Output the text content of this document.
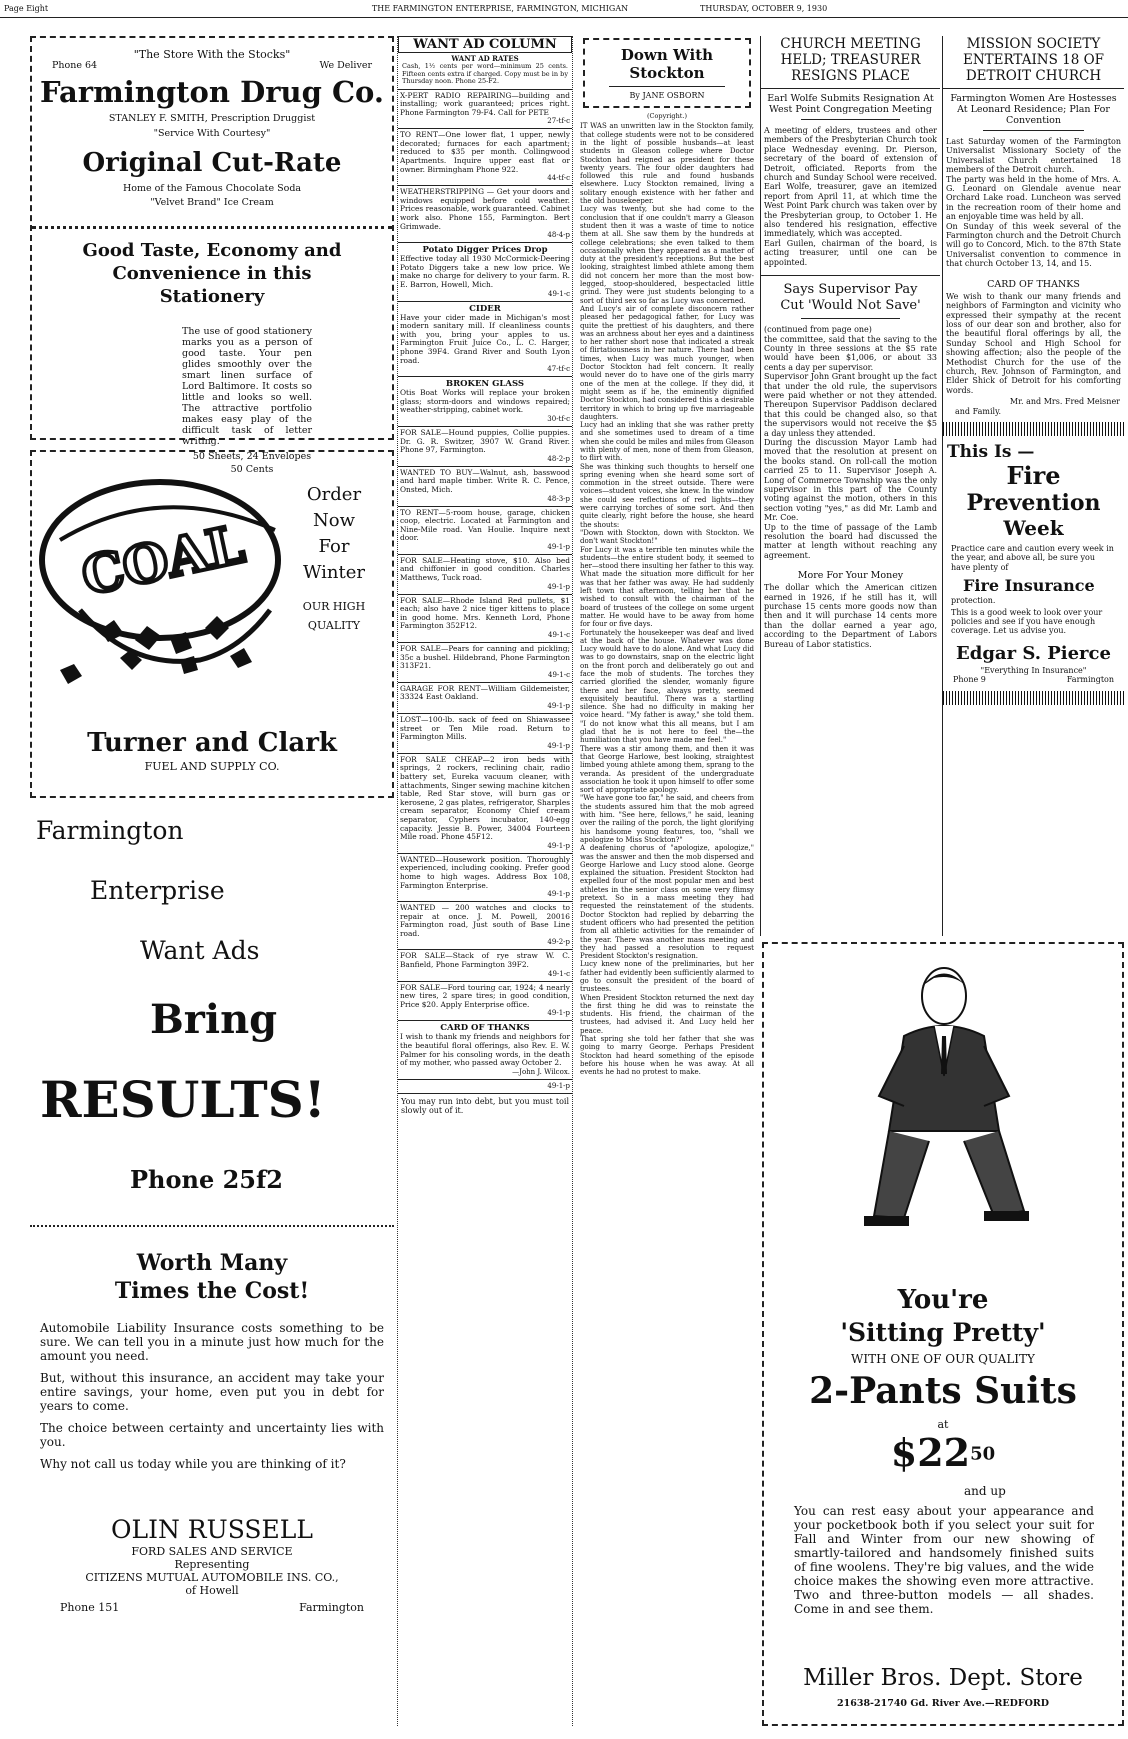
Page Eight	THE FARMINGTON ENTERPRISE, FARMINGTON, MICHIGAN	THURSDAY, OCTOBER 9, 1930
"The Store With the Stocks"
Phone 64	We Deliver
Farmington Drug Co.
STANLEY F. SMITH, Prescription Druggist
"Service With Courtesy"
Original Cut-Rate
Home of the Famous Chocolate Soda
"Velvet Brand" Ice Cream
Good Taste, Economy and Convenience in this Stationery
The use of good stationery marks you as a person of good taste. Your pen glides smoothly over the smart linen surface of Lord Baltimore. It costs so little and looks so well. The attractive portfolio makes easy play of the difficult task of letter writing.
50 Sheets, 24 Envelopes
50 Cents
COAL
Order
Now
For
Winter
OUR HIGH
QUALITY
Turner and Clark
FUEL AND SUPPLY CO.
Farmington
Enterprise
Want Ads
Bring
RESULTS!
Phone 25f2
Worth Many
Times the Cost!
Automobile Liability Insurance costs something to be sure. We can tell you in a minute just how much for the amount you need.
But, without this insurance, an accident may take your entire savings, your home, even put you in debt for years to come.
The choice between certainty and uncertainty lies with you.
Why not call us today while you are thinking of it?
OLIN RUSSELL
FORD SALES AND SERVICE
Representing
CITIZENS MUTUAL AUTOMOBILE INS. CO.,
of Howell
Phone 151	Farmington
WANT AD COLUMN
WANT AD RATES
Cash, 1½ cents per word—minimum 25 cents. Fifteen cents extra if charged. Copy must be in by Thursday noon. Phone 25-F2.
X-PERT RADIO REPAIRING—building and installing; work guaranteed; prices right. Phone Farmington 79-F4. Call for PETE
27-tf-c
TO RENT—One lower flat, 1 upper, newly decorated; furnaces for each apartment; reduced to $35 per month. Collingwood Apartments. Inquire upper east flat or owner. Birmingham Phone 922.
44-tf-c
WEATHERSTRIPPING — Get your doors and windows equipped before cold weather. Prices reasonable, work guaranteed. Cabinet work also. Phone 155, Farmington. Bert Grimwade.
48-4-p
Potato Digger Prices Drop
Effective today all 1930 McCormick-Deering Potato Diggers take a new low price. We make no charge for delivery to your farm. R. E. Barron, Howell, Mich.
49-1-c
CIDER
Have your cider made in Michigan's most modern sanitary mill. If cleanliness counts with you, bring your apples to us. Farmington Fruit Juice Co., L. C. Harger, phone 39F4. Grand River and South Lyon road.
47-tf-c
BROKEN GLASS
Otis Boat Works will replace your broken glass; storm-doors and windows repaired; weather-stripping, cabinet work.
30-tf-c
FOR SALE—Hound puppies, Collie puppies. Dr. G. R. Switzer, 3907 W. Grand River. Phone 97, Farmington.
48-2-p
WANTED TO BUY—Walnut, ash, basswood and hard maple timber. Write R. C. Pence, Onsted, Mich.
48-3-p
TO RENT—5-room house, garage, chicken coop, electric. Located at Farmington and Nine-Mile road. Van Houlie. Inquire next door.
49-1-p
FOR SALE—Heating stove, $10. Also bed and chiffonier in good condition. Charles Matthews, Tuck road.
49-1-p
FOR SALE—Rhode Island Red pullets, $1 each; also have 2 nice tiger kittens to place in good home. Mrs. Kenneth Lord, Phone Farmington 352F12.
49-1-c
FOR SALE—Pears for canning and pickling; 35c a bushel. Hildebrand, Phone Farmington 313F21.
49-1-c
GARAGE FOR RENT—William Gildemeister, 33324 East Oakland.
49-1-p
LOST—100-lb. sack of feed on Shiawassee street or Ten Mile road. Return to Farmington Mills.
49-1-p
FOR SALE CHEAP—2 iron beds with springs, 2 rockers, reclining chair, radio battery set, Eureka vacuum cleaner, with attachments, Singer sewing machine kitchen table, Red Star stove, will burn gas or kerosene, 2 gas plates, refrigerator, Sharples cream separator, Economy Chief cream separator, Cyphers incubator, 140-egg capacity. Jessie B. Power, 34004 Fourteen Mile road. Phone 45F12.
49-1-p
WANTED—Housework position. Thoroughly experienced, including cooking. Prefer good home to high wages. Address Box 108, Farmington Enterprise.
49-1-p
WANTED — 200 watches and clocks to repair at once. J. M. Powell, 20016 Farmington road, Just south of Base Line road.
49-2-p
FOR SALE—Stack of rye straw W. C. Banfield, Phone Farmington 39F2.
49-1-c
FOR SALE—Ford touring car, 1924; 4 nearly new tires, 2 spare tires; in good condition, Price $20. Apply Enterprise office.
49-1-p
CARD OF THANKS
I wish to thank my friends and neighbors for the beautiful floral offerings, also Rev. E. W. Palmer for his consoling words, in the death of my mother, who passed away October 2.
—John J. Wilcox.
49-1-p
You may run into debt, but you must toil slowly out of it.
Down With
Stockton
By JANE OSBORN
(Copyright.)
IT WAS an unwritten law in the Stockton family, that college students were not to be considered in the light of possible husbands—at least students in Gleason college where Doctor Stockton had reigned as president for these twenty years. The four older daughters had followed this rule and found husbands elsewhere. Lucy Stockton remained, living a solitary enough existence with her father and the old housekeeper.
Lucy was twenty, but she had come to the conclusion that if one couldn't marry a Gleason student then it was a waste of time to notice them at all. She saw them by the hundreds at college celebrations; she even talked to them occasionally when they appeared as a matter of duty at the president's receptions. But the best looking, straightest limbed athlete among them did not concern her more than the most bow-legged, stoop-shouldered, bespectacled little grind. They were just students belonging to a sort of third sex so far as Lucy was concerned.
And Lucy's air of complete disconcern rather pleased her pedagogical father, for Lucy was quite the prettiest of his daughters, and there was an archness about her eyes and a daintiness to her rather short nose that indicated a streak of flirtatiousness in her nature. There had been times, when Lucy was much younger, when Doctor Stockton had felt concern. It really would never do to have one of the girls marry one of the men at the college. If they did, it might seem as if he, the eminently dignified Doctor Stockton, had considered this a desirable territory in which to bring up five marriageable daughters.
Lucy had an inkling that she was rather pretty and she sometimes used to dream of a time when she could be miles and miles from Gleason with plenty of men, none of them from Gleason, to flirt with.
She was thinking such thoughts to herself one spring evening when she heard some sort of commotion in the street outside. There were voices—student voices, she knew. In the window she could see reflections of red lights—they were carrying torches of some sort. And then quite clearly, right before the house, she heard the shouts:
"Down with Stockton, down with Stockton. We don't want Stockton!"
For Lucy it was a terrible ten minutes while the students—the entire student body, it seemed to her—stood there insulting her father to this way. What made the situation more difficult for her was that her father was away. He had suddenly left town that afternoon, telling her that he wished to consult with the chairman of the board of trustees of the college on some urgent matter. He would have to be away from home for four or five days.
Fortunately the housekeeper was deaf and lived at the back of the house. Whatever was done Lucy would have to do alone. And what Lucy did was to go downstairs, snap on the electric light on the front porch and deliberately go out and face the mob of students. The torches they carried glorified the slender, womanly figure there and her face, always pretty, seemed exquisitely beautiful. There was a startling silence. She had no difficulty in making her voice heard. "My father is away," she told them. "I do not know what this all means, but I am glad that he is not here to feel the—the humiliation that you have made me feel."
There was a stir among them, and then it was that George Harlowe, best looking, straightest limbed young athlete among them, sprang to the veranda. As president of the undergraduate association he took it upon himself to offer some sort of appropriate apology.
"We have gone too far," he said, and cheers from the students assured him that the mob agreed with him. "See here, fellows," he said, leaning over the railing of the porch, the light glorifying his handsome young features, too, "shall we apologize to Miss Stockton?"
A deafening chorus of "apologize, apologize," was the answer and then the mob dispersed and George Harlowe and Lucy stood alone. George explained the situation. President Stockton had expelled four of the most popular men and best athletes in the senior class on some very flimsy pretext. So in a mass meeting they had requested the reinstatement of the students. Doctor Stockton had replied by debarring the student officers who had presented the petition from all athletic activities for the remainder of the year. There was another mass meeting and they had passed a resolution to request President Stockton's resignation.
Lucy knew none of the preliminaries, but her father had evidently been sufficiently alarmed to go to consult the president of the board of trustees.
When President Stockton returned the next day the first thing he did was to reinstate the students. His friend, the chairman of the trustees, had advised it. And Lucy held her peace.
That spring she told her father that she was going to marry George. Perhaps President Stockton had heard something of the episode before his house when he was away. At all events he had no protest to make.
CHURCH MEETING
HELD; TREASURER
RESIGNS PLACE
Earl Wolfe Submits Resignation At West Point Congregation Meeting
A meeting of elders, trustees and other members of the Presbyterian Church took place Wednesday evening. Dr. Pierson, secretary of the board of extension of Detroit, officiated. Reports from the church and Sunday School were received. Earl Wolfe, treasurer, gave an itemized report from April 11, at which time the West Point Park church was taken over by the Presbyterian group, to October 1. He also tendered his resignation, effective immediately, which was accepted.
Earl Guilen, chairman of the board, is acting treasurer, until one can be appointed.
Says Supervisor Pay
Cut 'Would Not Save'
(continued from page one)
the committee, said that the saving to the County in three sessions at the $5 rate would have been $1,006, or about 33 cents a day per supervisor.
Supervisor John Grant brought up the fact that under the old rule, the supervisors were paid whether or not they attended. Thereupon Supervisor Paddison declared that this could be changed also, so that the supervisors would not receive the $5 a day unless they attended.
During the discussion Mayor Lamb had moved that the resolution at present on the books stand. On roll-call the motion carried 25 to 11. Supervisor Joseph A. Long of Commerce Township was the only supervisor in this part of the County voting against the motion, others in this section voting "yes," as did Mr. Lamb and Mr. Coe.
Up to the time of passage of the Lamb resolution the board had discussed the matter at length without reaching any agreement.
More For Your Money
The dollar which the American citizen earned in 1926, if he still has it, will purchase 15 cents more goods now than then and it will purchase 14 cents more than the dollar earned a year ago, according to the Department of Labors Bureau of Labor statistics.
MISSION SOCIETY
ENTERTAINS 18 OF
DETROIT CHURCH
Farmington Women Are Hostesses At Leonard Residence; Plan For Convention
Last Saturday women of the Farmington Universalist Missionary Society of the Universalist Church entertained 18 members of the Detroit church.
The party was held in the home of Mrs. A. G. Leonard on Glendale avenue near Orchard Lake road. Luncheon was served in the recreation room of their home and an enjoyable time was held by all.
On Sunday of this week several of the Farmington church and the Detroit Church will go to Concord, Mich. to the 87th State Universalist convention to commence in that church October 13, 14, and 15.
CARD OF THANKS
We wish to thank our many friends and neighbors of Farmington and vicinity who expressed their sympathy at the recent loss of our dear son and brother, also for the beautiful floral offerings by all, the Sunday School and High School for showing affection; also the people of the Methodist Church for the use of the church, Rev. Johnson of Farmington, and Elder Shick of Detroit for his comforting words.
Mr. and Mrs. Fred Meisner
and Family.
This Is —
Fire
Prevention
Week
Practice care and caution every week in the year, and above all, be sure you have plenty of
Fire Insurance
protection.
This is a good week to look over your policies and see if you have enough coverage. Let us advise you.
Edgar S. Pierce
"Everything In Insurance"
Phone 9	Farmington
You're
'Sitting Pretty'
WITH ONE OF OUR QUALITY
2-Pants Suits
at
$\$22^{50}$
and up
You can rest easy about your appearance and your pocketbook both if you select your suit for Fall and Winter from our new showing of smartly-tailored and handsomely finished suits of fine woolens. They're big values, and the wide choice makes the showing even more attractive. Two and three-button models — all shades. Come in and see them.
Miller Bros. Dept. Store
21638-21740 Gd. River Ave.—REDFORD
